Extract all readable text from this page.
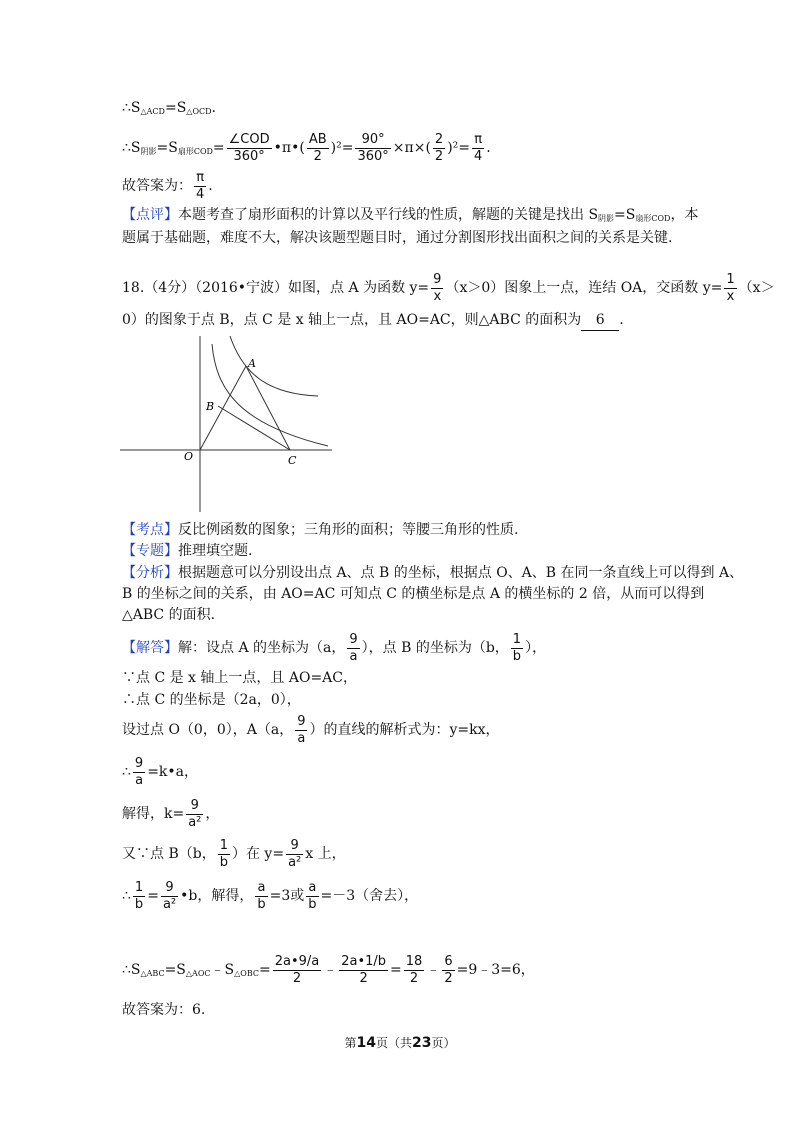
$\therefore S_{\triangle ACD}=S_{\triangle OCD}$.
$\therefore S_{阴影}=S_{扇形COD}=$
∠COD
360° •π•( $\frac{AB}{2} )^2= \frac{90^\circ}{360^\circ} \times\pi\times( \frac{2}{2} )^2= \frac{\pi}{4}$ .
故答案为： $\frac{\pi}{4}$ .
【点评】本题考查了扇形面积的计算以及平行线的性质，解题的关键是找出 $S_{阴影}=S_{扇形COD}$，本
题属于基础题，难度不大，解决该题型题目时，通过分割图形找出面积之间的关系是关键.
18.（4分）（2016•宁波）如图，点 A 为函数 $y= \frac{9}{x} (x>0)$图象上一点，连结 OA，交函数 $y= \frac{1}{x} (x>$
0）的图象于点 B，点 C 是 x 轴上一点，且 AO=AC，则△ABC 的面积为 6 .
A
B
O	C
【考点】反比例函数的图象；三角形的面积；等腰三角形的性质.
【专题】推理填空题.
【分析】根据题意可以分别设出点 A、点 B 的坐标，根据点 O、A、B 在同一条直线上可以得到 A、
B 的坐标之间的关系，由 AO=AC 可知点 C 的横坐标是点 A 的横坐标的 2 倍，从而可以得到
△ABC 的面积.
【解答】解：设点 A 的坐标为（a， $\frac{9}{a}$ ），点 B 的坐标为（b， $\frac{1}{b}$ ），
∵点 C 是 x 轴上一点，且 AO=AC，
∴点 C 的坐标是（2a，0），
设过点 O（0，0），A（a， $\frac{9}{a}$ ）的直线的解析式为：y=kx，
∴ $\frac{9}{a}$ =k•a，
解得，$k= \frac{9}{\text{a²}}$ ，
又∵点 B（b， $\frac{1}{b}$ ）在 $y= \frac{9}{\text{a²}}$ x 上，
∴ $\frac{1}{b} = \frac{9}{\text{a²}}$ •b，解得， $\frac{a}{b} =3$或 $\frac{a}{b} =-3$（舍去），
$\therefore S_{\triangle ABC}=S_{\triangle AOC}﹣S_{\triangle OBC}= \frac{2a•9/a}{2}$ ﹣ $\frac{2a•1/b}{2} = \frac{18}{2}$ ﹣ $\frac{6}{2}$ =9﹣3=6，
故答案为：6.
第14页（共23页）
